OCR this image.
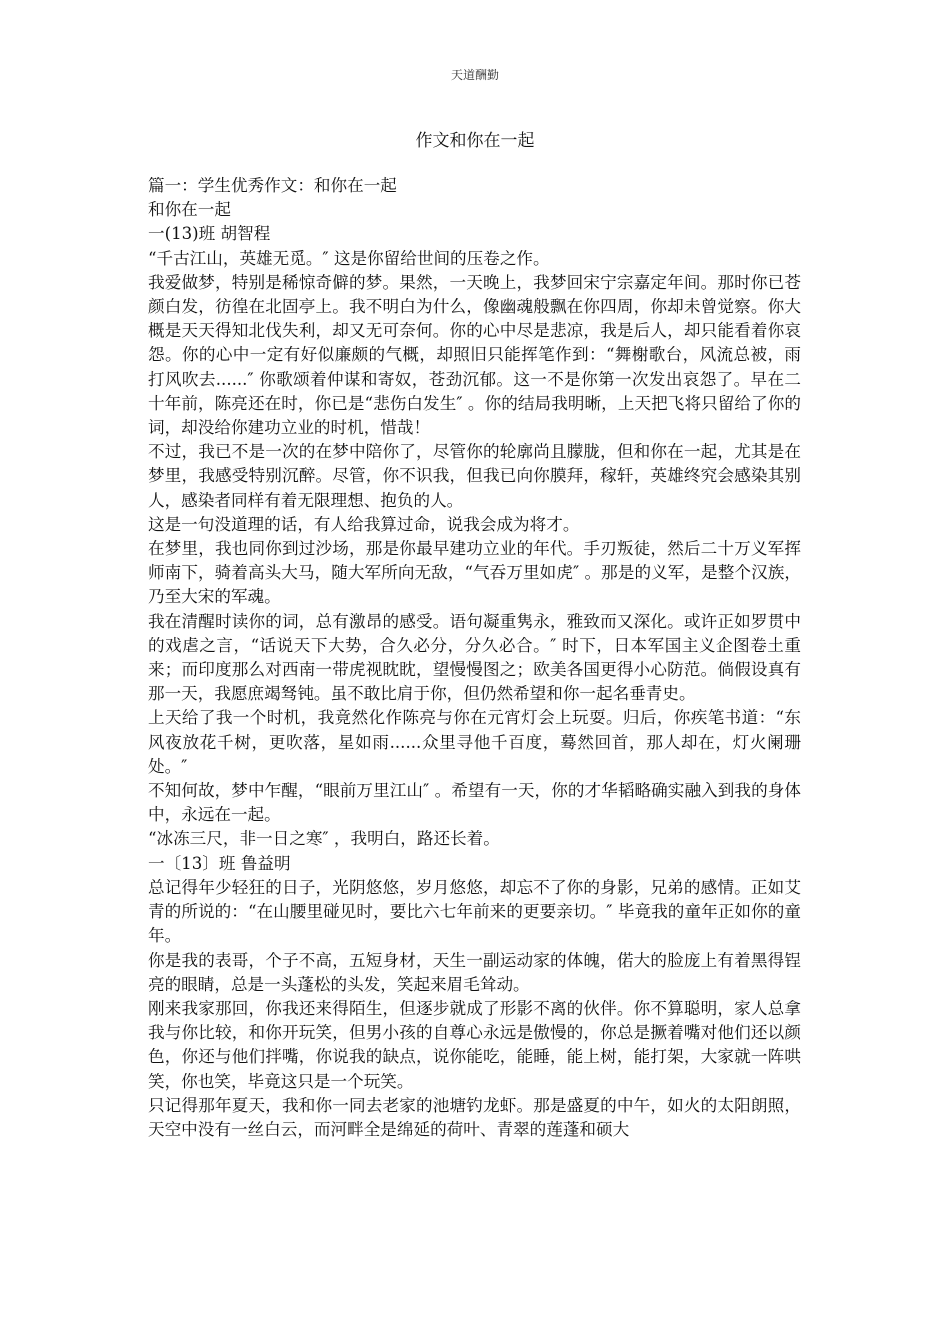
天道酬勤
作文和你在一起

篇一：学生优秀作文：和你在一起

和你在一起

一(13)班 胡智程

“千古江山，英雄无觅。″ 这是你留给世间的压卷之作。

我爱做梦，特别是稀惊奇僻的梦。果然，一天晚上，我梦回宋宁宗嘉定年间。那时你已苍颜白发，彷徨在北固亭上。我不明白为什么，像幽魂般飘在你四周，你却未曾觉察。你大概是天天得知北伐失利，却又无可奈何。你的心中尽是悲凉，我是后人，却只能看着你哀怨。你的心中一定有好似廉颇的气概，却照旧只能挥笔作到：“舞榭歌台，风流总被，雨打风吹去......″ 你歌颂着仲谋和寄奴，苍劲沉郁。这一不是你第一次发出哀怨了。早在二十年前，陈亮还在时，你已是“悲伤白发生″ 。你的结局我明晰，上天把飞将只留给了你的词，却没给你建功立业的时机，惜哉！

不过，我已不是一次的在梦中陪你了，尽管你的轮廓尚且朦胧，但和你在一起，尤其是在梦里，我感受特别沉醉。尽管，你不识我，但我已向你膜拜，稼轩，英雄终究会感染其别人，感染者同样有着无限理想、抱负的人。

这是一句没道理的话，有人给我算过命，说我会成为将才。

在梦里，我也同你到过沙场，那是你最早建功立业的年代。手刃叛徒，然后二十万义军挥师南下，骑着高头大马，随大军所向无敌，“气吞万里如虎″ 。那是的义军，是整个汉族，乃至大宋的军魂。

我在清醒时读你的词，总有激昂的感受。语句凝重隽永，雅致而又深化。或许正如罗贯中的戏虐之言，“话说天下大势，合久必分，分久必合。″ 时下，日本军国主义企图卷土重来；而印度那么对西南一带虎视眈眈，望慢慢图之；欧美各国更得小心防范。倘假设真有那一天，我愿庶竭驽钝。虽不敢比肩于你，但仍然希望和你一起名垂青史。

上天给了我一个时机，我竟然化作陈亮与你在元宵灯会上玩耍。归后，你疾笔书道：“东风夜放花千树，更吹落，星如雨......众里寻他千百度，蓦然回首，那人却在，灯火阑珊处。″

不知何故，梦中乍醒，“眼前万里江山″ 。希望有一天，你的才华韬略确实融入到我的身体中，永远在一起。

“冰冻三尺，非一日之寒″ ，我明白，路还长着。

一〔13〕班 鲁益明

总记得年少轻狂的日子，光阴悠悠，岁月悠悠，却忘不了你的身影，兄弟的感情。正如艾青的所说的：“在山腰里碰见时，要比六七年前来的更要亲切。″ 毕竟我的童年正如你的童年。

你是我的表哥，个子不高，五短身材，天生一副运动家的体魄，偌大的脸庞上有着黑得锃亮的眼睛，总是一头蓬松的头发，笑起来眉毛耸动。

刚来我家那回，你我还来得陌生，但逐步就成了形影不离的伙伴。你不算聪明，家人总拿我与你比较，和你开玩笑，但男小孩的自尊心永远是傲慢的，你总是撅着嘴对他们还以颜色，你还与他们拌嘴，你说我的缺点，说你能吃，能睡，能上树，能打架，大家就一阵哄笑，你也笑，毕竟这只是一个玩笑。

只记得那年夏天，我和你一同去老家的池塘钓龙虾。那是盛夏的中午，如火的太阳朗照，天空中没有一丝白云，而河畔全是绵延的荷叶、青翠的莲蓬和硕大
